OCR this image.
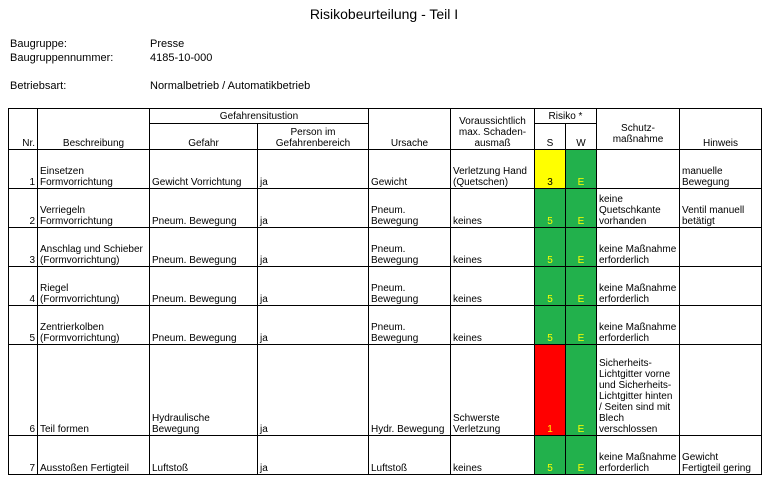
Risikobeurteilung - Teil I
Baugruppe:	Presse
Baugruppennummer:	4185-10-000
Betriebsart:	Normalbetrieb / Automatikbetrieb
Nr.	Beschreibung	Gefahrensitustion		Ursache	Voraussichtlich max. Schaden-ausmaß	Risiko *		Schutz-maßnahme	Hinweis
		Gefahr	Person im Gefahrenbereich			S	W		
1	Einsetzen Formvorrichtung	Gewicht Vorrichtung	ja	Gewicht	Verletzung Hand (Quetschen)	3	E		manuelle Bewegung
2	Verriegeln Formvorrichtung	Pneum. Bewegung	ja	Pneum. Bewegung	keines	5	E	keine Quetschkante vorhanden	Ventil manuell betätigt
3	Anschlag und Schieber (Formvorrichtung)	Pneum. Bewegung	ja	Pneum. Bewegung	keines	5	E	keine Maßnahme erforderlich	
4	Riegel (Formvorrichtung)	Pneum. Bewegung	ja	Pneum. Bewegung	keines	5	E	keine Maßnahme erforderlich	
5	Zentrierkolben (Formvorrichtung)	Pneum. Bewegung	ja	Pneum. Bewegung	keines	5	E	keine Maßnahme erforderlich	
6	Teil formen	Hydraulische Bewegung	ja	Hydr. Bewegung	Schwerste Verletzung	1	E	Sicherheits-Lichtgitter vorne und Sicherheits-Lichtgitter hinten / Seiten sind mit Blech verschlossen	
7	Ausstoßen Fertigteil	Luftstoß	ja	Luftstoß	keines	5	E	keine Maßnahme erforderlich	Gewicht Fertigteil gering
